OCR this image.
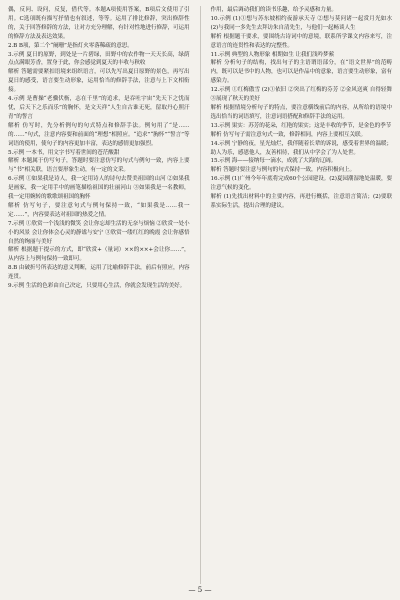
偶，反问、设问，反复，借代等。本题A项使用答案，B项后文使用了引用。C选项既有描写抒情也有叙述，等等。运用了排比修辞，突出修辞性的，关于回答修辞的方法，让对方充分理解，有针对性地进行修辞，可运用的修辞方法及表达效果。

2.B B项，第二个“阑珊”是指灯火零落稀疏的意思。

3.示例 夏日的原野，到处是一片碧绿，田野中的农作物一天天长高，绿荫点点满眼芳香，置身于此，你会感觉到夏天的丰收与秋收

解析 答题需要紧扣语境来组织语言，可以先写出夏日原野的景色，再写出夏日的感受，语言要生动形象，运用恰当的修辞手法，注意与上下文相衔接。

4.示例 是曹操“老骥伏枥，志在千里”的追求，是吞吐宇宙“先天下之忧而忧，后天下之乐而乐”的胸怀，是文天祥“人生自古谁无死，留取丹心照汗青”的誓言

解析 仿写时，先分析例句的句式特点和修辞手法。例句用了“是……的……”句式，注意内容要和前面的“理想”相照应。“追求”“胸怀”“誓言”等词语的使用，使句子的内容更加丰富，表达的感情更加强烈。

5.示例 一本书，用文字书写着世间的苍茫酸甜

解析 本题属于仿写句子，答题时要注意仿写的句式与例句一致，内容上要与“书”相关联，语言要形象生动，有一定的文采。

6.示例 ①如果我是诗人，我一定用诗人的诗句去赞美祖国的山河 ②如果我是画家，我一定用手中的画笔描绘祖国的壮丽河山 ③如果我是一名教师，我一定用婉转的歌歌颂祖国的胸怀

解析 仿写句子，要注意句式与例句保持一致，“如果我是……我一定……”，内容要表达对祖国的热爱之情。

7.示例 ①欣赏一个浅浅的微笑 会让你忘却生活的无奈与烦恼 ②欣赏一处小小的风景 会让你体会心灵的静谧与安宁 ③欣赏一缕红红的晚霞 会让你感悟自然的绚丽与美好

解析 根据题干提示的方式，即“欣赏+（量词）××的××+会让你……”，从内容上与例句保持一致即可。

8.B 由破折号所表达的意义判断，运用了比喻修辞手法，前后有照应，内容连贯。

9.示例 生活的色彩由自己决定，只要用心生活，你就会发现生活的美好。

作用，最后调动我们的读书乐趣，给予灵感和力量。

10.示例 (1)①想与苏东坡相约夜游承天寺 ②想与莫问诸一起赏月光如水 (2)与我同一多先生去拜访朱自清先生，与他们一起畅谈人生

解析 根据题干要求，要围绕古诗词中的意境，联系所学课文内容来写，注意语言的连贯性和表达的完整性。

11.示例 典型的人物形象 相期如生 让我们浅吟梦萦

解析 分析句子的结构，找出句子的主语谓语部分，在“语文世界”的范畴内，既可以是书中的人物，也可以是作品中的意象，语言要生动形象，富有感染力。

12.示例 ①红梅傲雪 (2)①依旧 ②突出了红梅的芬芳 ②金风送爽 自得轻舞 ③展现了秋天的美好

解析 根据情境分析句子的特点，要注意横线前后的内容，从所给的语境中选出恰当的词语填写，注意词语搭配和修辞手法的运用。

13.示例 果实：苏芳的花朵，红艳的果实；这是丰收的季节，是金色的季节

解析 仿写句子需注意句式一致，修辞相同，内容上要相互关联。

14.示例 宁静的夜，星光灿烂，我伴随着长辈的诉说，感受着世界的温暖；助人为乐，感恩他人，友善相待，我们从中学会了为人处世。

15.示例 海——接纳每一滴水，成就了大海的辽阔。

解析 答题时要注意与例句的句式保持一致，内容积极向上。

16.示例 (1)广州今年年底将完成60个公园建设。(2)夏园潮湿地处温暖，要注意气候的变化。

解析 (1)先找出材料中的主要内容，再进行概括，注意语言简洁；(2)要联系实际生活，提出合理的建议。

— 5 —
